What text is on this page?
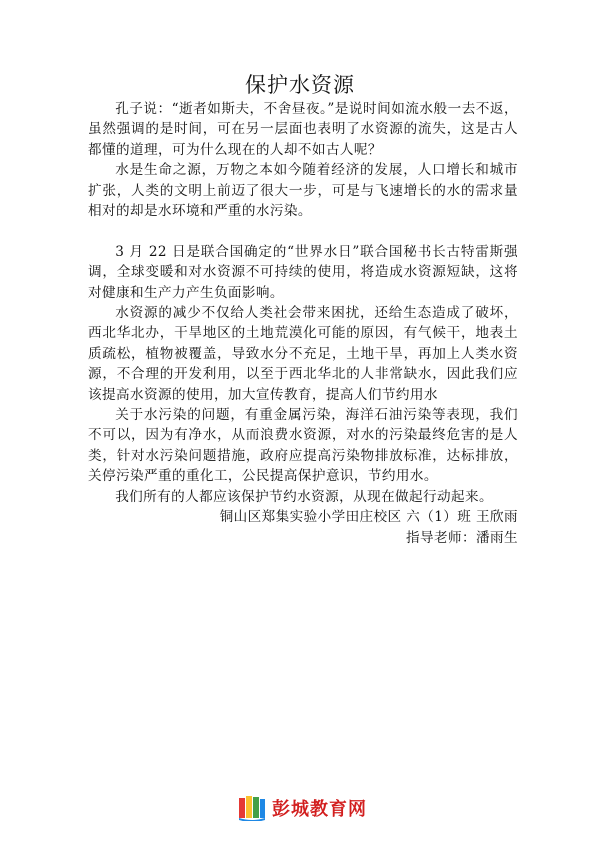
保护水资源

孔子说：“逝者如斯夫，不舍昼夜。”是说时间如流水般一去不返，虽然强调的是时间，可在另一层面也表明了水资源的流失，这是古人都懂的道理，可为什么现在的人却不如古人呢？

水是生命之源，万物之本如今随着经济的发展，人口增长和城市扩张，人类的文明上前迈了很大一步，可是与飞速增长的水的需求量相对的却是水环境和严重的水污染。

3 月 22 日是联合国确定的“世界水日”联合国秘书长古特雷斯强调，全球变暖和对水资源不可持续的使用，将造成水资源短缺，这将对健康和生产力产生负面影响。

水资源的减少不仅给人类社会带来困扰，还给生态造成了破坏，西北华北办，干旱地区的土地荒漠化可能的原因，有气候干，地表土质疏松，植物被覆盖，导致水分不充足，土地干旱，再加上人类水资源，不合理的开发利用，以至于西北华北的人非常缺水，因此我们应该提高水资源的使用，加大宣传教育，提高人们节约用水

关于水污染的问题，有重金属污染，海洋石油污染等表现，我们不可以，因为有净水，从而浪费水资源，对水的污染最终危害的是人类，针对水污染问题措施，政府应提高污染物排放标准，达标排放，关停污染严重的重化工，公民提高保护意识，节约用水。

我们所有的人都应该保护节约水资源，从现在做起行动起来。

铜山区郑集实验小学田庄校区 六（1）班 王欣雨
指导老师：潘雨生
彭城教育网
